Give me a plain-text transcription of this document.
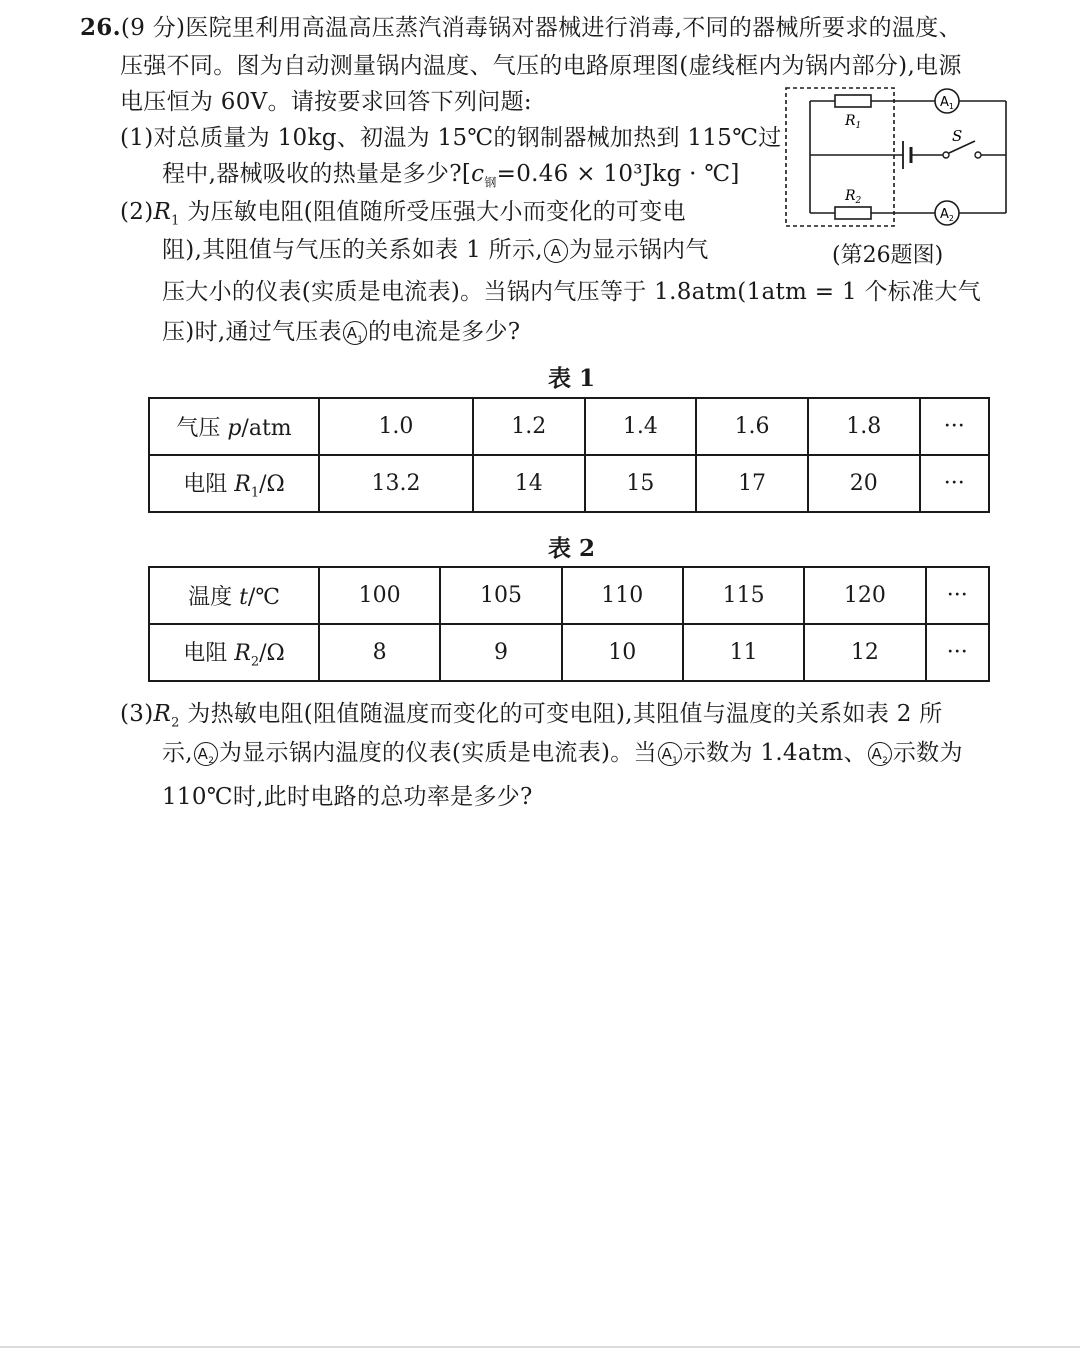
26.(9 分)医院里利用高温高压蒸汽消毒锅对器械进行消毒,不同的器械所要求的温度、
压强不同。图为自动测量锅内温度、气压的电路原理图(虚线框内为锅内部分),电源
电压恒为 60V。请按要求回答下列问题:
(1)对总质量为 10kg、初温为 15℃的钢制器械加热到 115℃过
程中,器械吸收的热量是多少$?[c_钢=0.46 \times 10^3Jkg$ · ℃]
$(2)R_1$ 为压敏电阻(阻值随所受压强大小而变化的可变电
阻),其阻值与气压的关系如表 1 所示, A 为显示锅内气
压大小的仪表(实质是电流表)。当锅内气压等于 1.8atm(1atm = 1 个标准大气
压)时,通过气压表 $A_1$ 的电流是多少?
$A_1$
$R_1$
S
$A_2$
$R_2$
(第26题图)
表 1
气压 p/atm	1.0	1.2	1.4	1.6	1.8	···
电阻 $R_1/\Omega$	13.2	14	15	17	20	···
表 2
温度 t/℃	100	105	110	115	120	···
电阻 $R_2/\Omega$	8	9	10	11	12	···
$(3)R_2$ 为热敏电阻(阻值随温度而变化的可变电阻),其阻值与温度的关系如表 2 所
示, $A_2$ 为显示锅内温度的仪表(实质是电流表)。当 $A_1$ 示数为 1.4atm、 $A_2$ 示数为
110℃时,此时电路的总功率是多少?
